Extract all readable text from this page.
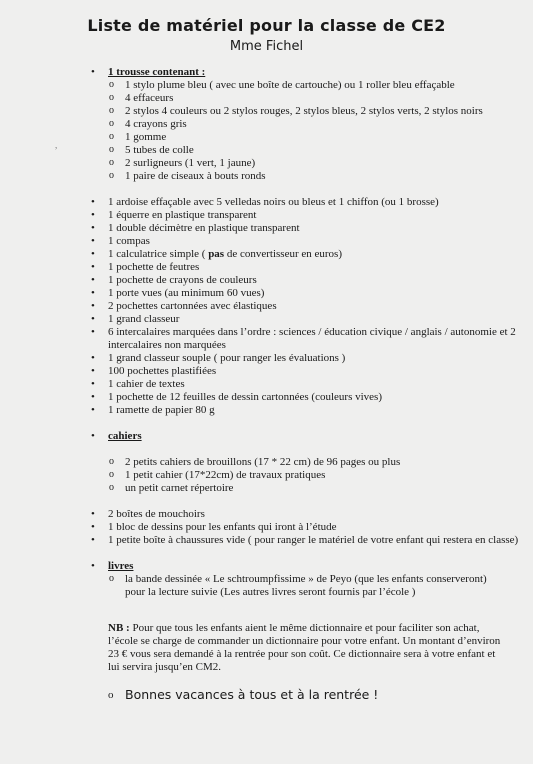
Liste de matériel pour la classe de CE2
Mme Fichel
,
• 1 trousse contenant :
o 1 stylo plume bleu ( avec une boîte de cartouche) ou 1 roller bleu effaçable
o 4 effaceurs
o 2 stylos 4 couleurs ou 2 stylos rouges, 2 stylos bleus, 2 stylos verts, 2 stylos noirs
o 4 crayons gris
o 1 gomme
o 5 tubes de colle
o 2 surligneurs (1 vert, 1 jaune)
o 1 paire de ciseaux à bouts ronds
• 1 ardoise effaçable avec 5 velledas noirs ou bleus et 1 chiffon (ou 1 brosse)
• 1 équerre en plastique transparent
• 1 double décimètre en plastique transparent
• 1 compas
• 1 calculatrice simple ( pas de convertisseur en euros)
• 1 pochette de feutres
• 1 pochette de crayons de couleurs
• 1 porte vues (au minimum 60 vues)
• 2 pochettes cartonnées avec élastiques
• 1 grand classeur
• 6 intercalaires marquées dans l’ordre : sciences / éducation civique / anglais / autonomie et 2 intercalaires non marquées
• 1 grand classeur souple ( pour ranger les évaluations )
• 100 pochettes plastifiées
• 1 cahier de textes
• 1 pochette de 12 feuilles de dessin cartonnées (couleurs vives)
• 1 ramette de papier 80 g
• cahiers
o 2 petits cahiers de brouillons (17 * 22 cm) de 96 pages ou plus
o 1 petit cahier (17*22cm) de travaux pratiques
o un petit carnet répertoire
• 2 boîtes de mouchoirs
• 1 bloc de dessins pour les enfants qui iront à l’étude
• 1 petite boîte à chaussures vide ( pour ranger le matériel de votre enfant qui restera en classe)
• livres
o la bande dessinée « Le schtroumpfissime » de Peyo (que les enfants conserveront) pour la lecture suivie (Les autres livres seront fournis par l’école )
NB : Pour que tous les enfants aient le même dictionnaire et pour faciliter son achat, l’école se charge de commander un dictionnaire pour votre enfant. Un montant d’environ 23 € vous sera demandé à la rentrée pour son coût. Ce dictionnaire sera à votre enfant et lui servira jusqu’en CM2.
o Bonnes vacances à tous et à la rentrée !
